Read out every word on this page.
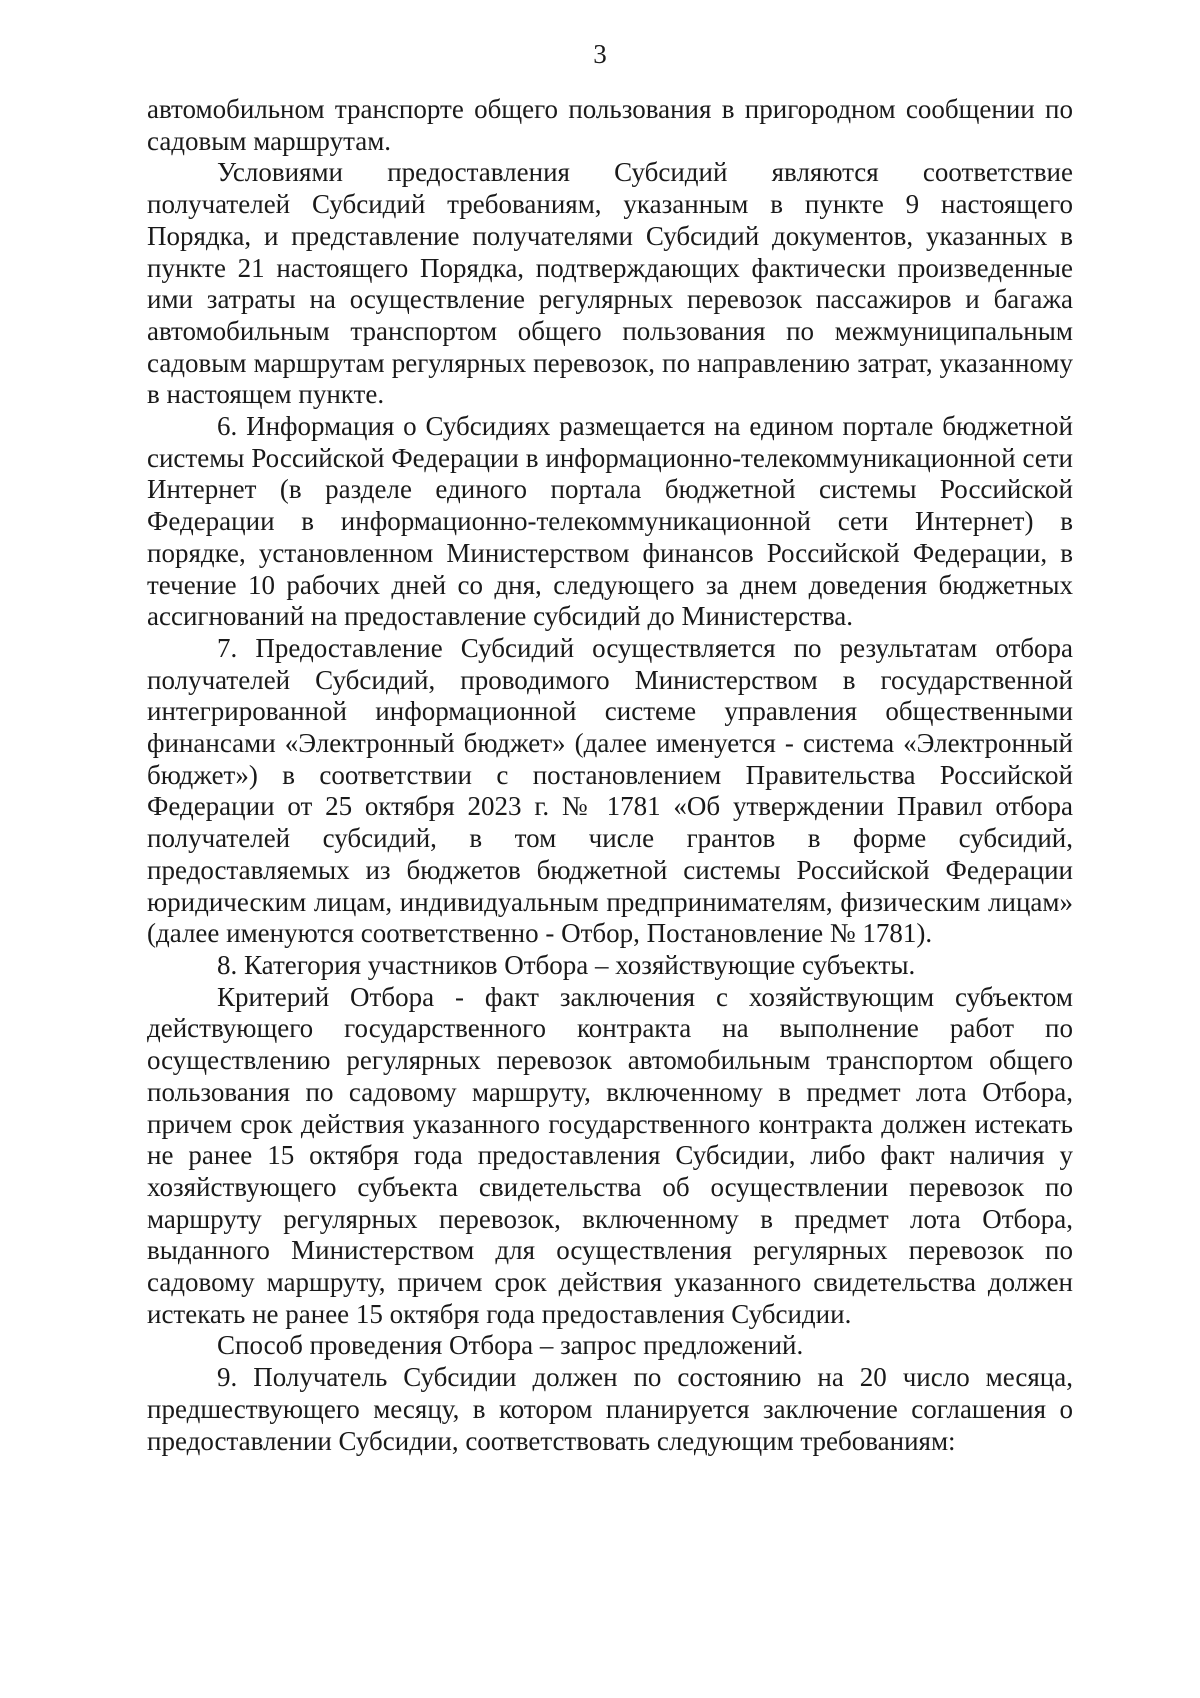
3

автомобильном транспорте общего пользования в пригородном сообщении по садовым маршрутам.

Условиями предоставления Субсидий являются соответствие получателей Субсидий требованиям, указанным в пункте 9 настоящего Порядка, и представление получателями Субсидий документов, указанных в пункте 21 настоящего Порядка, подтверждающих фактически произведенные ими затраты на осуществление регулярных перевозок пассажиров и багажа автомобильным транспортом общего пользования по межмуниципальным садовым маршрутам регулярных перевозок, по направлению затрат, указанному в настоящем пункте.

6. Информация о Субсидиях размещается на едином портале бюджетной системы Российской Федерации в информационно-телекоммуникационной сети Интернет (в разделе единого портала бюджетной системы Российской Федерации в информационно-телекоммуникационной сети Интернет) в порядке, установленном Министерством финансов Российской Федерации, в течение 10 рабочих дней со дня, следующего за днем доведения бюджетных ассигнований на предоставление субсидий до Министерства.

7. Предоставление Субсидий осуществляется по результатам отбора получателей Субсидий, проводимого Министерством в государственной интегрированной информационной системе управления общественными финансами «Электронный бюджет» (далее именуется - система «Электронный бюджет») в соответствии с постановлением Правительства Российской Федерации от 25 октября 2023 г. № 1781 «Об утверждении Правил отбора получателей субсидий, в том числе грантов в форме субсидий, предоставляемых из бюджетов бюджетной системы Российской Федерации юридическим лицам, индивидуальным предпринимателям, физическим лицам» (далее именуются соответственно - Отбор, Постановление № 1781).

8. Категория участников Отбора – хозяйствующие субъекты.

Критерий Отбора - факт заключения с хозяйствующим субъектом действующего государственного контракта на выполнение работ по осуществлению регулярных перевозок автомобильным транспортом общего пользования по садовому маршруту, включенному в предмет лота Отбора, причем срок действия указанного государственного контракта должен истекать не ранее 15 октября года предоставления Субсидии, либо факт наличия у хозяйствующего субъекта свидетельства об осуществлении перевозок по маршруту регулярных перевозок, включенному в предмет лота Отбора, выданного Министерством для осуществления регулярных перевозок по садовому маршруту, причем срок действия указанного свидетельства должен истекать не ранее 15 октября года предоставления Субсидии.

Способ проведения Отбора – запрос предложений.

9. Получатель Субсидии должен по состоянию на 20 число месяца, предшествующего месяцу, в котором планируется заключение соглашения о предоставлении Субсидии, соответствовать следующим требованиям:
